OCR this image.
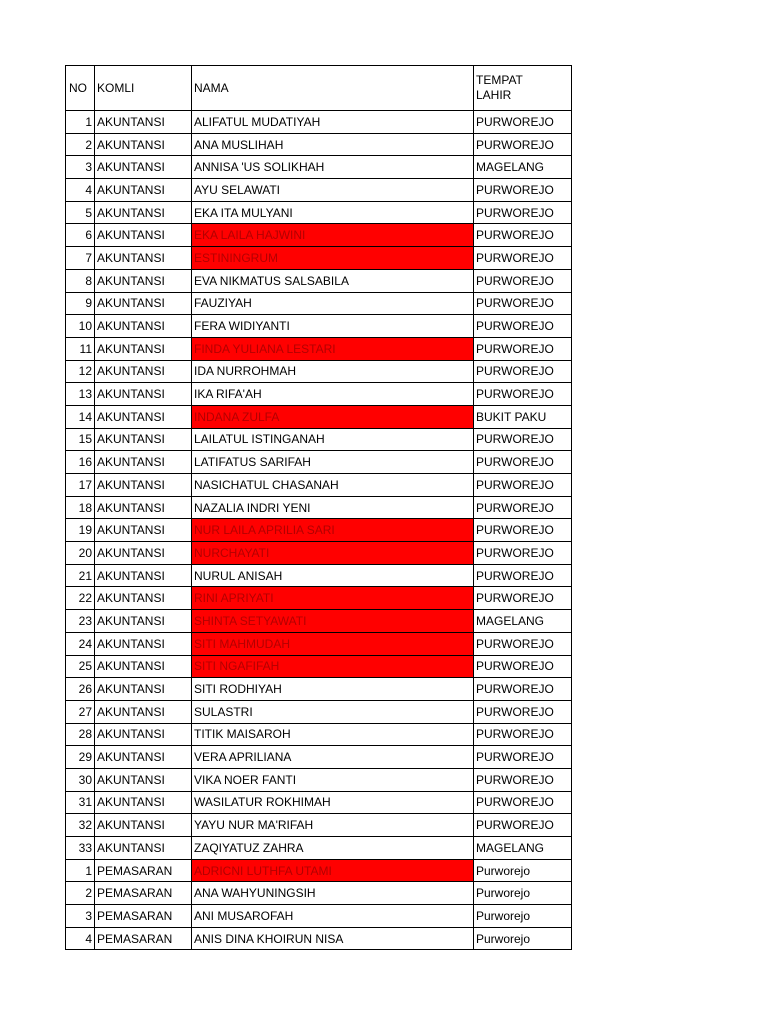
NO	KOMLI	NAMA	TEMPAT
LAHIR

1	AKUNTANSI	ALIFATUL MUDATIYAH	PURWOREJO
2	AKUNTANSI	ANA MUSLIHAH	PURWOREJO
3	AKUNTANSI	ANNISA 'US SOLIKHAH	MAGELANG
4	AKUNTANSI	AYU SELAWATI	PURWOREJO
5	AKUNTANSI	EKA ITA MULYANI	PURWOREJO
6	AKUNTANSI	EKA LAILA HAJWINI	PURWOREJO
7	AKUNTANSI	ESTININGRUM	PURWOREJO
8	AKUNTANSI	EVA NIKMATUS SALSABILA	PURWOREJO
9	AKUNTANSI	FAUZIYAH	PURWOREJO
10	AKUNTANSI	FERA WIDIYANTI	PURWOREJO
11	AKUNTANSI	FINDA YULIANA LESTARI	PURWOREJO
12	AKUNTANSI	IDA NURROHMAH	PURWOREJO
13	AKUNTANSI	IKA RIFA'AH	PURWOREJO
14	AKUNTANSI	INDANA ZULFA	BUKIT PAKU
15	AKUNTANSI	LAILATUL ISTINGANAH	PURWOREJO
16	AKUNTANSI	LATIFATUS SARIFAH	PURWOREJO
17	AKUNTANSI	NASICHATUL CHASANAH	PURWOREJO
18	AKUNTANSI	NAZALIA INDRI YENI	PURWOREJO
19	AKUNTANSI	NUR LAILA APRILIA SARI	PURWOREJO
20	AKUNTANSI	NURCHAYATI	PURWOREJO
21	AKUNTANSI	NURUL ANISAH	PURWOREJO
22	AKUNTANSI	RINI APRIYATI	PURWOREJO
23	AKUNTANSI	SHINTA SETYAWATI	MAGELANG
24	AKUNTANSI	SITI MAHMUDAH	PURWOREJO
25	AKUNTANSI	SITI NGAFIFAH	PURWOREJO
26	AKUNTANSI	SITI RODHIYAH	PURWOREJO
27	AKUNTANSI	SULASTRI	PURWOREJO
28	AKUNTANSI	TITIK MAISAROH	PURWOREJO
29	AKUNTANSI	VERA APRILIANA	PURWOREJO
30	AKUNTANSI	VIKA NOER FANTI	PURWOREJO
31	AKUNTANSI	WASILATUR ROKHIMAH	PURWOREJO
32	AKUNTANSI	YAYU NUR MA'RIFAH	PURWOREJO
33	AKUNTANSI	ZAQIYATUZ ZAHRA	MAGELANG
1	PEMASARAN	ADRICNI LUTHFA UTAMI	Purworejo
2	PEMASARAN	ANA WAHYUNINGSIH	Purworejo
3	PEMASARAN	ANI MUSAROFAH	Purworejo
4	PEMASARAN	ANIS DINA KHOIRUN NISA	Purworejo
